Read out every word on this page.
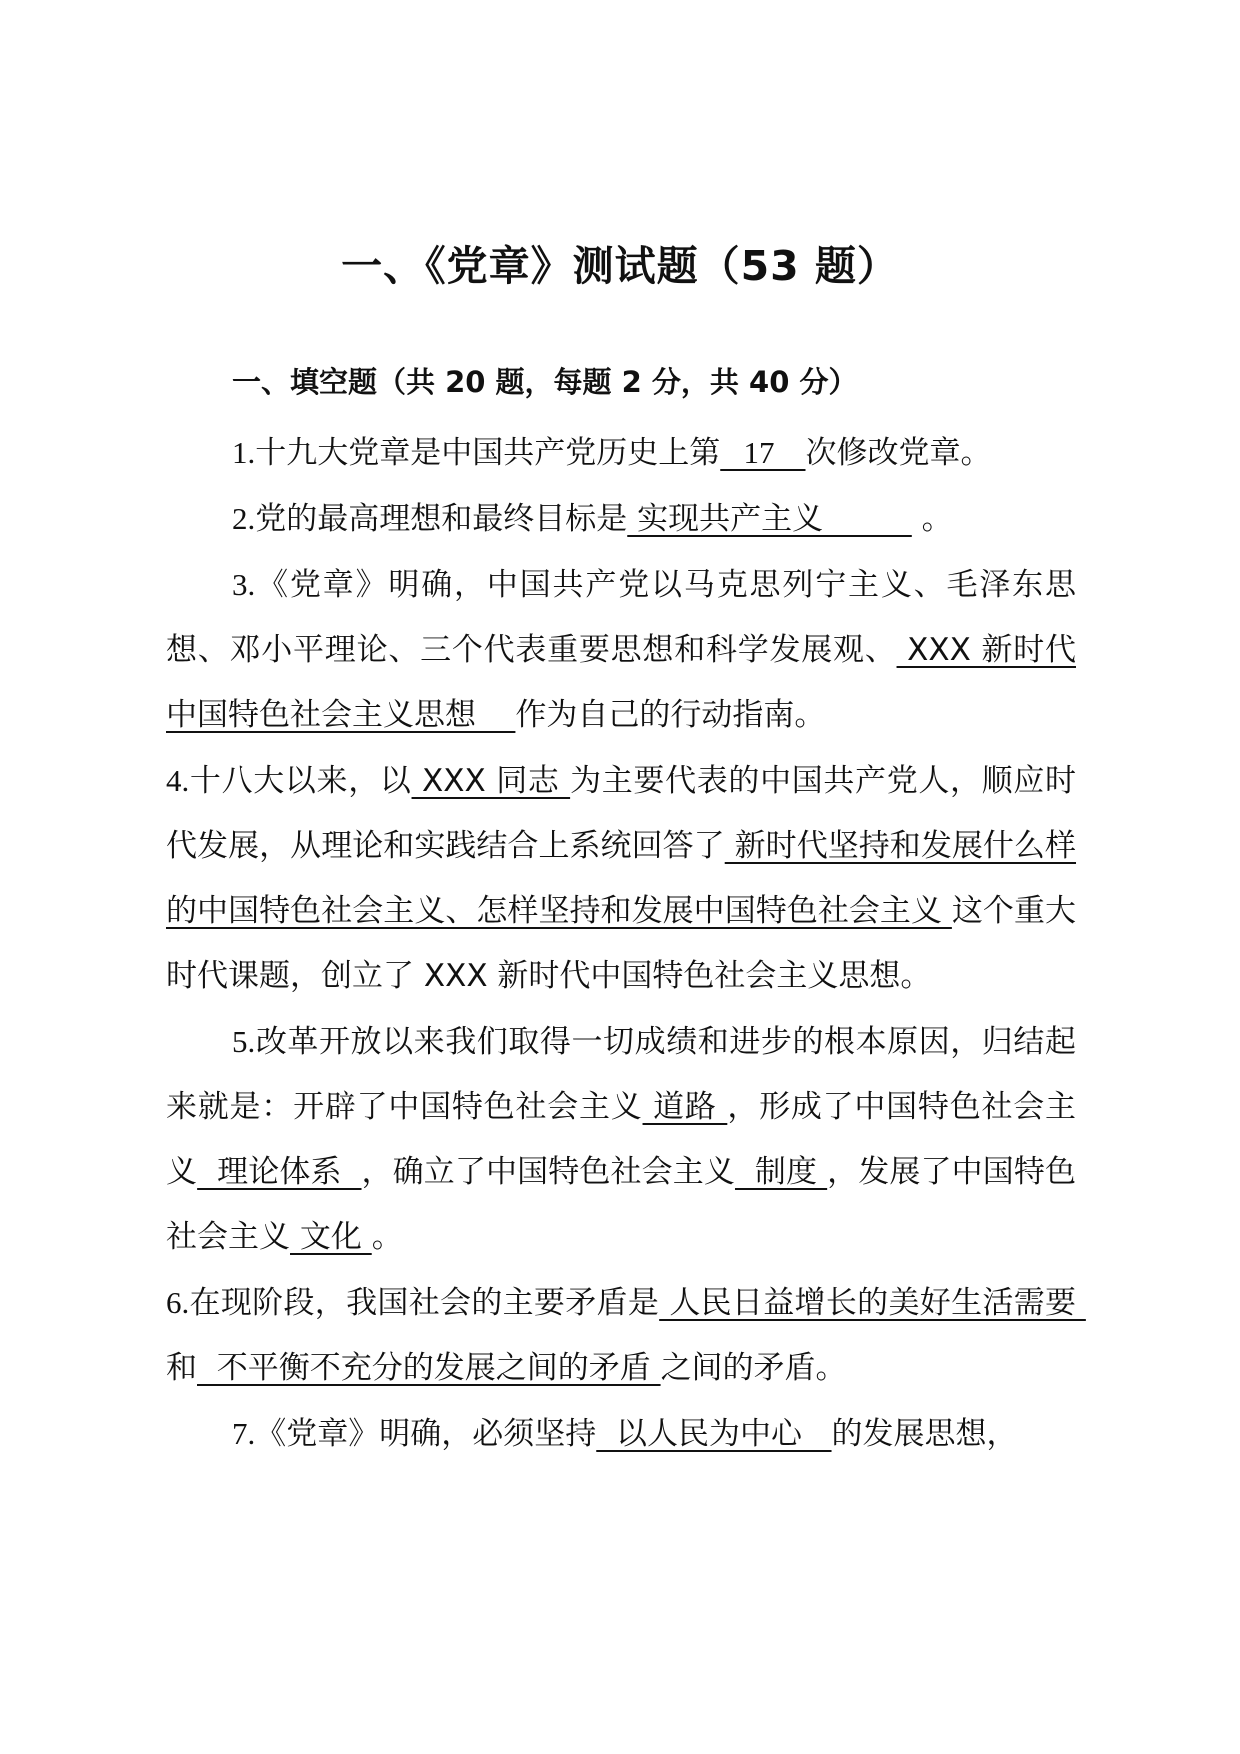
一、《党章》测试题（53 题）
一、填空题（共 20 题，每题 2 分，共 40 分）

1.十九大党章是中国共产党历史上第   17    次修改党章。

2.党的最高理想和最终目标是 实现共产主义          。

3.《党章》明确，中国共产党以马克思列宁主义、毛泽东思想、邓小平理论、三个代表重要思想和科学发展观、 XXX 新时代中国特色社会主义思想    作为自己的行动指南。

4.十八大以来，以 XXX 同志 为主要代表的中国共产党人，顺应时代发展，从理论和实践结合上系统回答了 新时代坚持和发展什么样的中国特色社会主义、怎样坚持和发展中国特色社会主义 这个重大时代课题，创立了 XXX 新时代中国特色社会主义思想。

5.改革开放以来我们取得一切成绩和进步的根本原因，归结起来就是：开辟了中国特色社会主义 道路 ，形成了中国特色社会主义  理论体系  ，确立了中国特色社会主义  制度 ，发展了中国特色社会主义 文化 。

6.在现阶段，我国社会的主要矛盾是 人民日益增长的美好生活需要 和  不平衡不充分的发展之间的矛盾 之间的矛盾。

7.《党章》明确，必须坚持  以人民为中心   的发展思想，
